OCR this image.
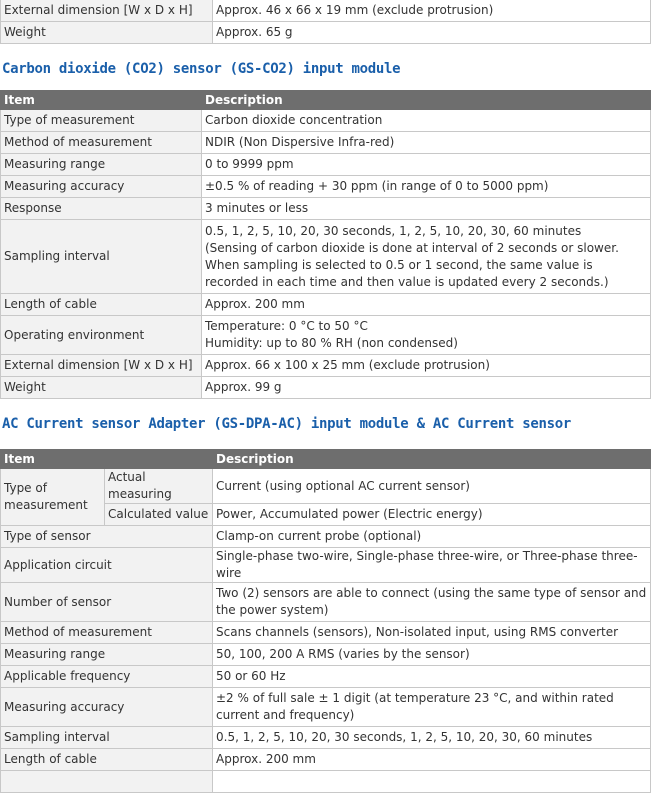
External dimension [W x D x H]	Approx. 46 x 66 x 19 mm (exclude protrusion)
Weight	Approx. 65 g
Carbon dioxide (CO2) sensor (GS-CO2) input module
Item	Description
Type of measurement	Carbon dioxide concentration
Method of measurement	NDIR (Non Dispersive Infra-red)
Measuring range	0 to 9999 ppm
Measuring accuracy	±0.5 % of reading + 30 ppm (in range of 0 to 5000 ppm)
Response	3 minutes or less
Sampling interval	0.5, 1, 2, 5, 10, 20, 30 seconds, 1, 2, 5, 10, 20, 30, 60 minutes
(Sensing of carbon dioxide is done at interval of 2 seconds or slower. When sampling is selected to 0.5 or 1 second, the same value is recorded in each time and then value is updated every 2 seconds.)

Length of cable	Approx. 200 mm
Operating environment	Temperature: 0 °C to 50 °C
Humidity: up to 80 % RH (non condensed)

External dimension [W x D x H]	Approx. 66 x 100 x 25 mm (exclude protrusion)
Weight	Approx. 99 g
AC Current sensor Adapter (GS-DPA-AC) input module & AC Current sensor
Item		Description
Type of measurement	Actual measuring	Current (using optional AC current sensor)
	Calculated value	Power, Accumulated power (Electric energy)
Type of sensor		Clamp-on current probe (optional)
Application circuit		Single-phase two-wire, Single-phase three-wire, or Three-phase three-wire
Number of sensor		Two (2) sensors are able to connect (using the same type of sensor and the power system)
Method of measurement		Scans channels (sensors), Non-isolated input, using RMS converter
Measuring range		50, 100, 200 A RMS (varies by the sensor)
Applicable frequency		50 or 60 Hz
Measuring accuracy		±2 % of full sale ± 1 digit (at temperature 23 °C, and within rated current and frequency)
Sampling interval		0.5, 1, 2, 5, 10, 20, 30 seconds, 1, 2, 5, 10, 20, 30, 60 minutes
Length of cable		Approx. 200 mm
